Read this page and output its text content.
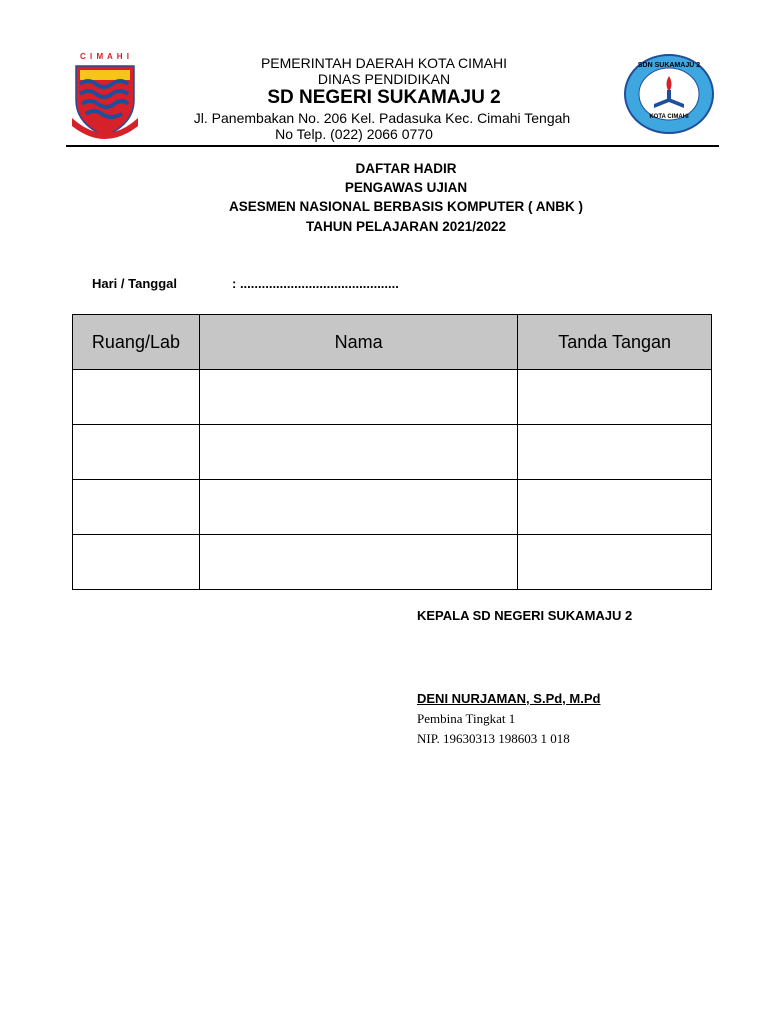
C I M A H I	PEMERINTAH DAERAH KOTA CIMAHI
DINAS PENDIDIKAN
SD NEGERI SUKAMAJU 2
Jl. Panembakan No. 206 Kel. Padasuka Kec. Cimahi Tengah
No Telp. (022) 2066 0770
SDN SUKAMAJU 2
KOTA CIMAHI
DAFTAR HADIR
PENGAWAS UJIAN
ASESMEN NASIONAL BERBASIS KOMPUTER ( ANBK )
TAHUN PELAJARAN 2021/2022
Hari / Tanggal	: ............................................
Ruang/Lab	Nama	Tanda Tangan

KEPALA SD NEGERI SUKAMAJU 2
DENI NURJAMAN, S.Pd, M.Pd
Pembina Tingkat 1
NIP. 19630313 198603 1 018
